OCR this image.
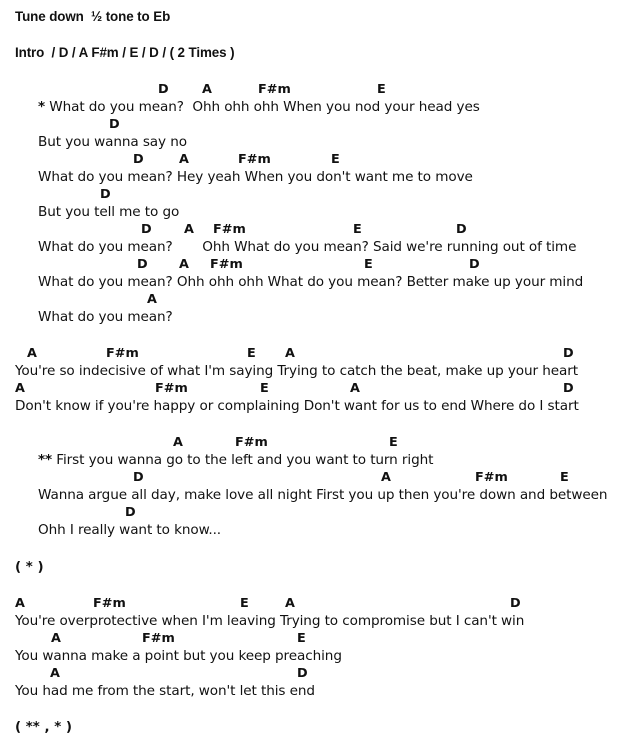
Tune down  ½ tone to Eb
Intro  / D / A F#m / E / D / ( 2 Times )
D	A	F#m	E
* What do you mean?  Ohh ohh ohh When you nod your head yes
D
But you wanna say no
D	A	F#m	E
What do you mean? Hey yeah When you don't want me to move
D
But you tell me to go
D	A F#m	E	D
What do you mean?       Ohh What do you mean? Said we're running out of time
D A F#m	E	D
What do you mean? Ohh ohh ohh What do you mean? Better make up your mind
A
What do you mean?
A	F#m	E A	D
You're so indecisive of what I'm saying Trying to catch the beat, make up your heart
A	F#m	E	A	D
Don't know if you're happy or complaining Don't want for us to end Where do I start
A	F#m	E
** First you wanna go to the left and you want to turn right
D	A	F#m	E
Wanna argue all day, make love all night First you up then you're down and between
D
Ohh I really want to know...
( * )
A	F#m	E	A	D
You're overprotective when I'm leaving Trying to compromise but I can't win
A	F#m	E
You wanna make a point but you keep preaching
A	D
You had me from the start, won't let this end
( ** , * )
